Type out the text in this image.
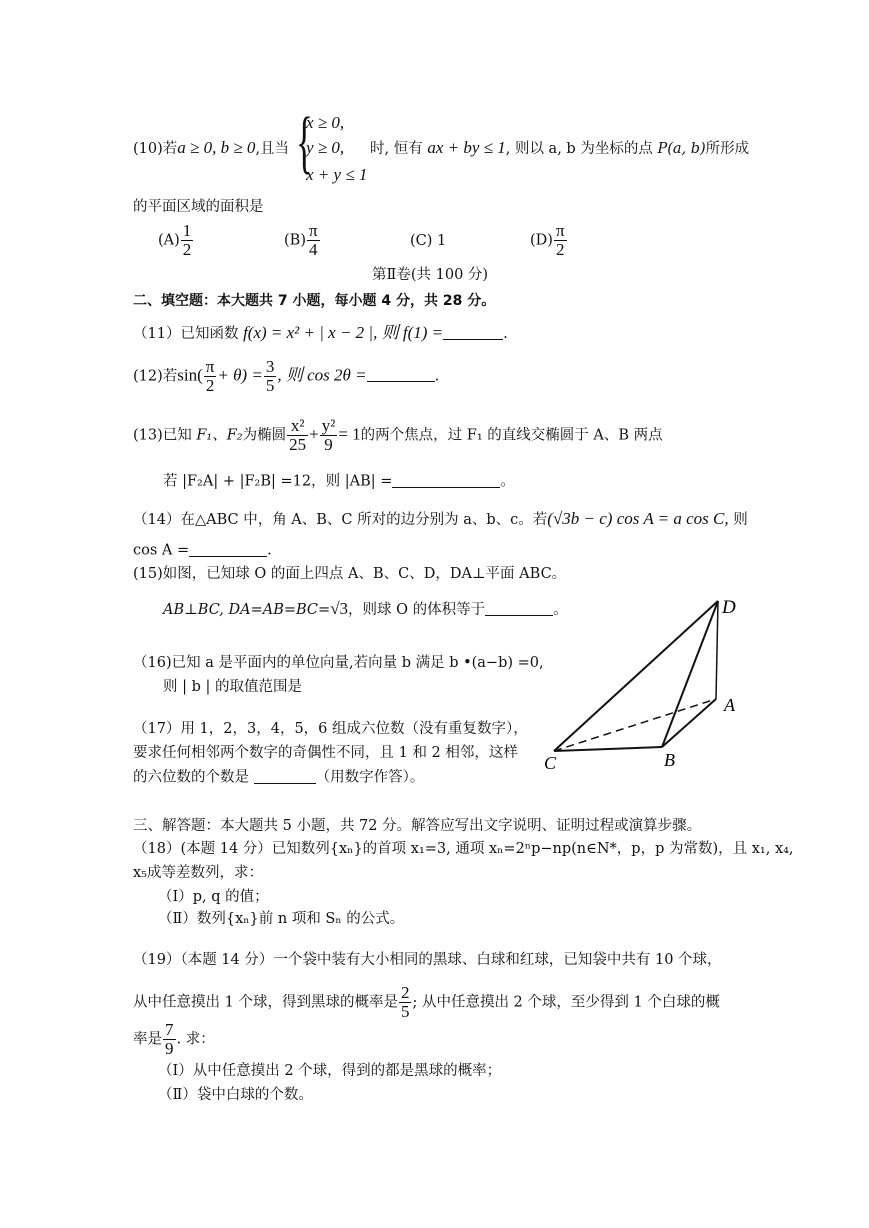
(10)若a ≥ 0, b ≥ 0,且当 {
x ≥ 0,
y ≥ 0,
x + y ≤ 1
时, 恒有 ax + by ≤ 1, 则以 a, b 为坐标的点 P(a, b)所形成
的平面区域的面积是
$(A) \frac{1}{2}$	$(B) \frac{\pi}{4}$	(C) 1	$(D) \frac{\pi}{2}$
第Ⅱ卷(共 100 分)
二、填空题：本大题共 7 小题，每小题 4 分，共 28 分。
（11）已知函数 f(x) = x² + | x − 2 |, 则 f(1) =	.
(12)若$\sin( \frac{\pi}{2} + \theta) = \frac{3}{5}$ , 则 cos 2θ =	.
(13)已知 F₁、F₂为椭圆 $\frac{\text{x²}}{25} + \frac{\text{y²}}{9} = 1$的两个焦点，过 F₁ 的直线交椭圆于 A、B 两点
若 |F₂A| + |F₂B| =12，则 |AB| =	。
（14）在△ABC 中，角 A、B、C 所对的边分别为 a、b、c。若(√3b − c) cos A = a cos C, 则
cos A =	.
(15)如图，已知球 O 的面上四点 A、B、C、D，DA⊥平面 ABC。
AB⊥BC, DA=AB=BC=√3，则球 O 的体积等于	。
（16)已知 a 是平面内的单位向量,若向量 b 满足 b •(a−b) =0,
则 | b | 的取值范围是
（17）用 1，2，3，4，5，6 组成六位数（没有重复数字），
要求任何相邻两个数字的奇偶性不同，且 1 和 2 相邻，这样
的六位数的个数是	（用数字作答）。
D
A
B
C
三、解答题：本大题共 5 小题，共 72 分。解答应写出文字说明、证明过程或演算步骤。
（18）(本题 14 分）已知数列{xₙ}的首项 x₁=3, 通项 xₙ=2ⁿp−np(n∈N*，p，p 为常数)，且 x₁, x₄,
x₅成等差数列，求：
（Ⅰ）p, q 的值；
（Ⅱ）数列{xₙ}前 n 项和 Sₙ 的公式。
（19）（本题 14 分）一个袋中装有大小相同的黑球、白球和红球，已知袋中共有 10 个球，
从中任意摸出 1 个球，得到黑球的概率是 $\frac{2}{5}$ ; 从中任意摸出 2 个球，至少得到 1 个白球的概
率是 $\frac{7}{9}$ . 求：
（Ⅰ）从中任意摸出 2 个球，得到的都是黑球的概率；
（Ⅱ）袋中白球的个数。
